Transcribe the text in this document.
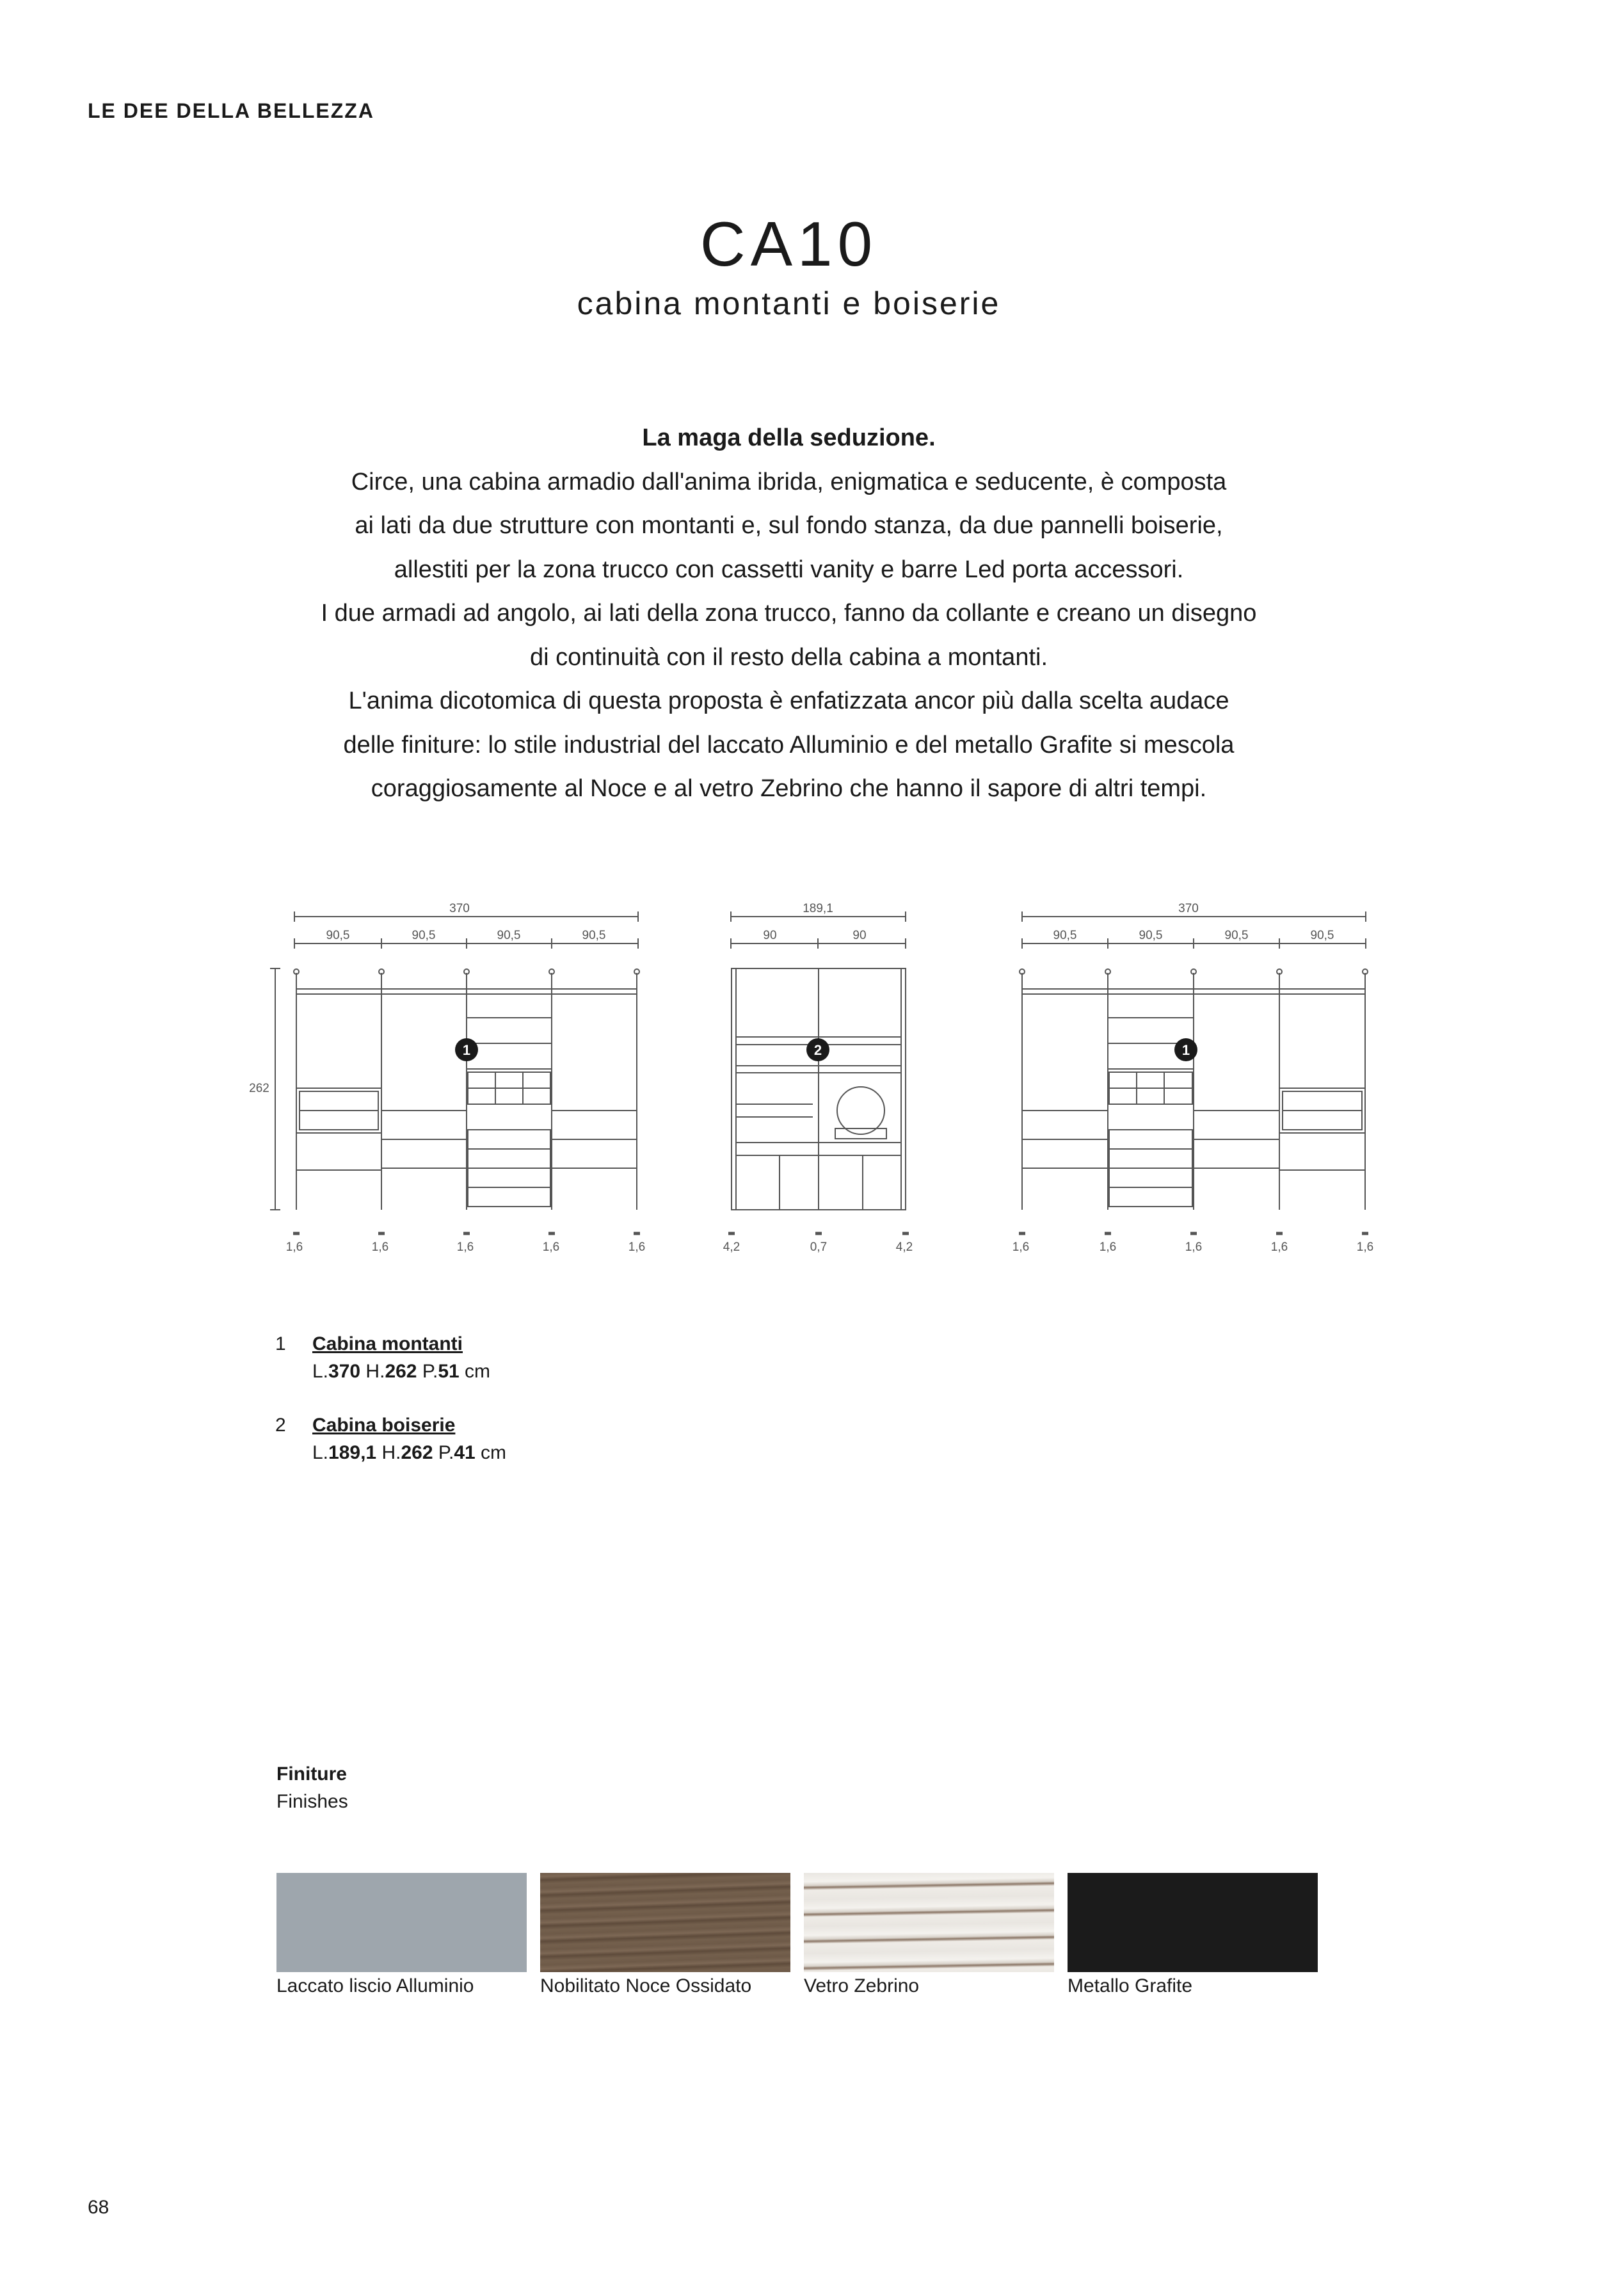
LE DEE DELLA BELLEZZA
CA10
cabina montanti e boiserie
La maga della seduzione.
Circe, una cabina armadio dall'anima ibrida, enigmatica e seducente, è composta
ai lati da due strutture con montanti e, sul fondo stanza, da due pannelli boiserie,
allestiti per la zona trucco con cassetti vanity e barre Led porta accessori.
I due armadi ad angolo, ai lati della zona trucco, fanno da collante e creano un disegno
di continuità con il resto della cabina a montanti.
L'anima dicotomica di questa proposta è enfatizzata ancor più dalla scelta audace
delle finiture: lo stile industrial del laccato Alluminio e del metallo Grafite si mescola
coraggiosamente al Noce e al vetro Zebrino che hanno il sapore di altri tempi.
1	2	1
370
90,5	90,5	90,5	90,5
262
1,6	1,6	1,6	1,6	1,6
189,1
90	90
4,2	0,7	4,2
370
90,5	90,5	90,5	90,5
1,6	1,6	1,6	1,6	1,6
1 Cabina montanti
L.370 H.262 P.51 cm
2 Cabina boiserie
L.189,1 H.262 P.41 cm
Finiture
Finishes
Laccato liscio Alluminio	Nobilitato Noce Ossidato	Vetro Zebrino	Metallo Grafite
68
